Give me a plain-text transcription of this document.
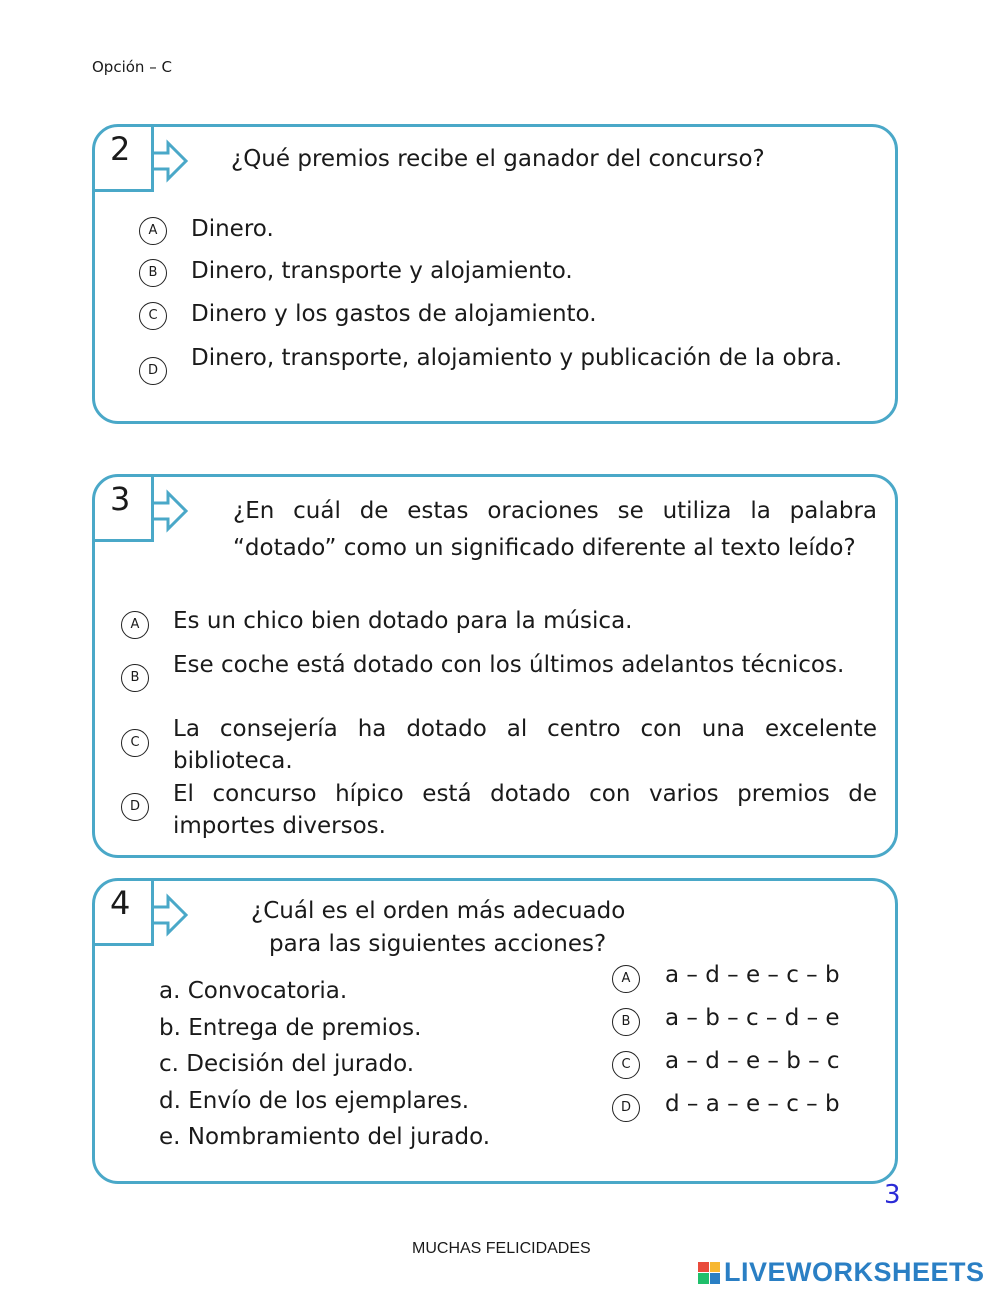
Opción – C
2	¿Qué premios recibe el ganador del concurso?
A	Dinero.
B	Dinero, transporte y alojamiento.
C	Dinero y los gastos de alojamiento.
D	Dinero, transporte, alojamiento y publicación de la obra.
3	¿En cuál de estas oraciones se utiliza la palabra “dotado” como un significado diferente al texto leído?
A	Es un chico bien dotado para la música.
B	Ese coche está dotado con los últimos adelantos técnicos.
C
La consejería ha dotado al centro con una excelente biblioteca.
D	El concurso hípico está dotado con varios premios de importes diversos.
4	¿Cuál es el orden más adecuado
para las siguientes acciones?
a. Convocatoria.
b. Entrega de premios.
c. Decisión del jurado.
d. Envío de los ejemplares.
e. Nombramiento del jurado.
A	a – d – e – c – b
B	a – b – c – d – e
C	a – d – e – b – c
D	d – a – e – c – b
3
MUCHAS FELICIDADES
LIVEWORKSHEETS
